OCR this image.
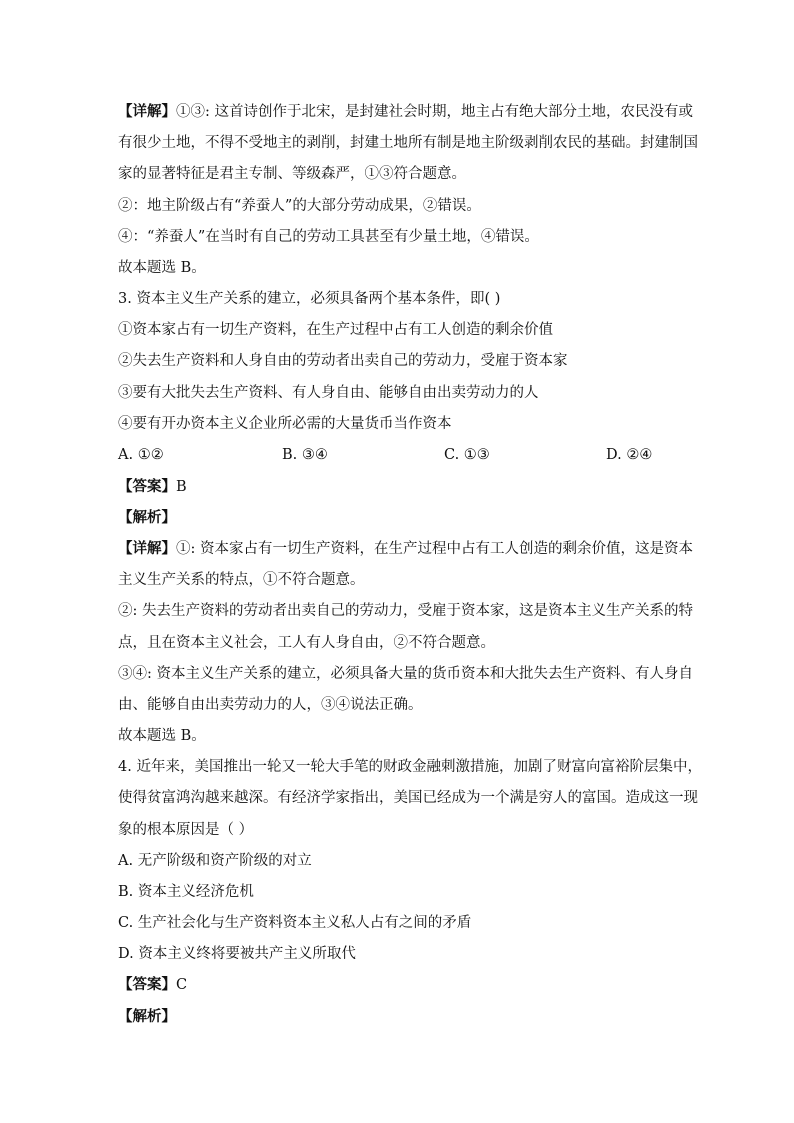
【详解】①③: 这首诗创作于北宋，是封建社会时期，地主占有绝大部分土地，农民没有或
有很少土地，不得不受地主的剥削，封建土地所有制是地主阶级剥削农民的基础。封建制国
家的显著特征是君主专制、等级森严，①③符合题意。
②：地主阶级占有“养蚕人”的大部分劳动成果，②错误。
④：“养蚕人”在当时有自己的劳动工具甚至有少量土地，④错误。
故本题选 B。
3. 资本主义生产关系的建立，必须具备两个基本条件，即( )
①资本家占有一切生产资料，在生产过程中占有工人创造的剩余价值
②失去生产资料和人身自由的劳动者出卖自己的劳动力，受雇于资本家
③要有大批失去生产资料、有人身自由、能够自由出卖劳动力的人
④要有开办资本主义企业所必需的大量货币当作资本
A. ①②	B. ③④	C. ①③	D. ②④
【答案】B
【解析】
【详解】①: 资本家占有一切生产资料，在生产过程中占有工人创造的剩余价值，这是资本
主义生产关系的特点，①不符合题意。
②: 失去生产资料的劳动者出卖自己的劳动力，受雇于资本家，这是资本主义生产关系的特
点，且在资本主义社会，工人有人身自由，②不符合题意。
③④: 资本主义生产关系的建立，必须具备大量的货币资本和大批失去生产资料、有人身自
由、能够自由出卖劳动力的人，③④说法正确。
故本题选 B。
4. 近年来，美国推出一轮又一轮大手笔的财政金融刺激措施，加剧了财富向富裕阶层集中，
使得贫富鸿沟越来越深。有经济学家指出，美国已经成为一个满是穷人的富国。造成这一现
象的根本原因是（ ）
A. 无产阶级和资产阶级的对立
B. 资本主义经济危机
C. 生产社会化与生产资料资本主义私人占有之间的矛盾
D. 资本主义终将要被共产主义所取代
【答案】C
【解析】
